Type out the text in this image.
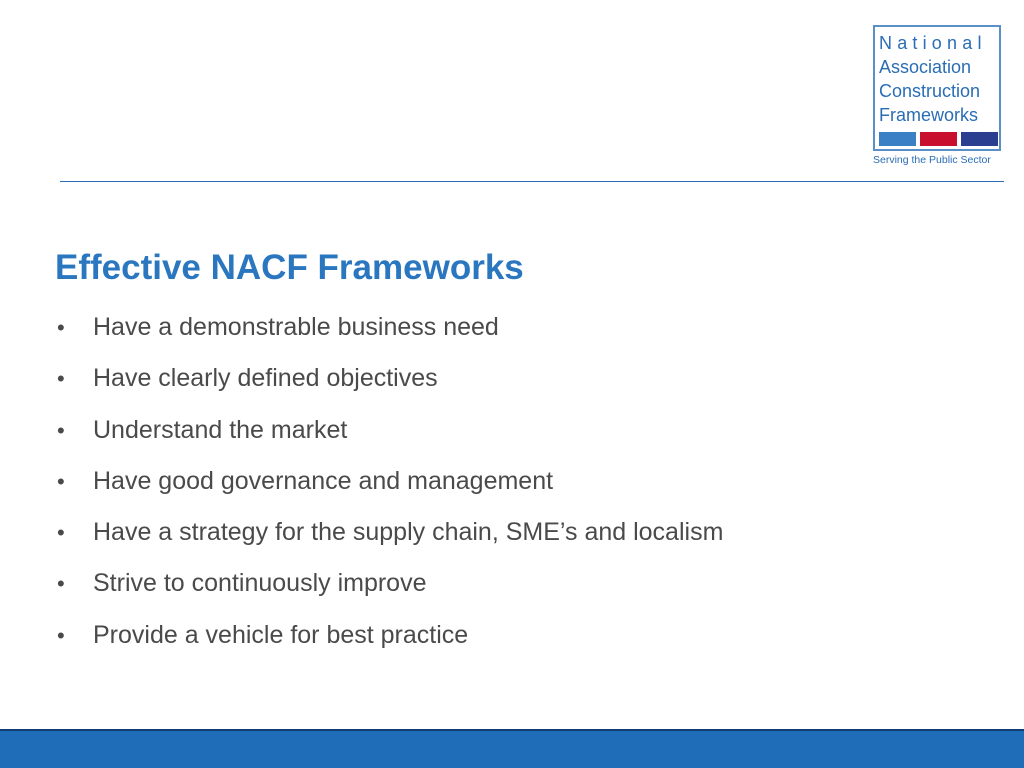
National
Association
Construction
Frameworks
Serving the Public Sector
Effective NACF Frameworks
•	Have a demonstrable business need
•	Have clearly defined objectives
•	Understand the market
•	Have good governance and management
•	Have a strategy for the supply chain, SME’s and localism
•	Strive to continuously improve
•	Provide a vehicle for best practice
